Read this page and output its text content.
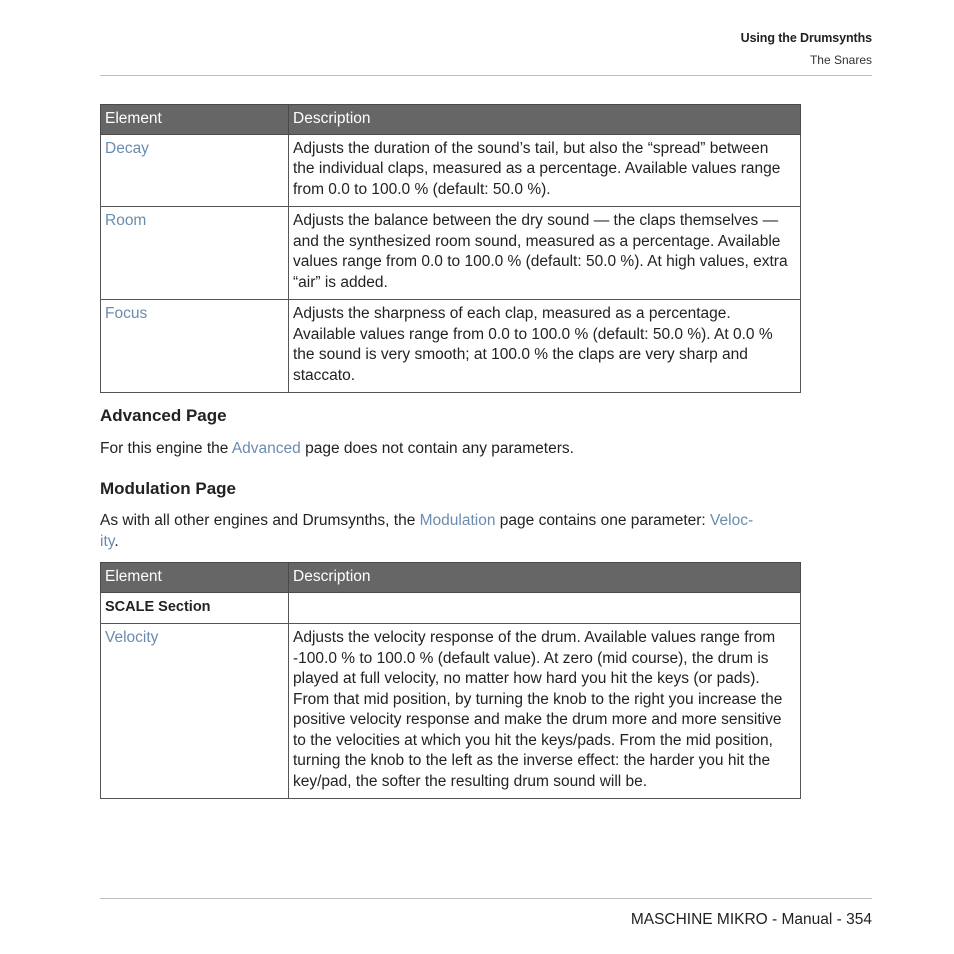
Using the Drumsynths
The Snares
Element	Description
Decay	Adjusts the duration of the sound’s tail, but also the “spread” between the individual claps, measured as a percentage. Available values range from 0.0 to 100.0 % (default: 50.0 %).
Room	Adjusts the balance between the dry sound — the claps themselves — and the synthesized room sound, measured as a percentage. Available values range from 0.0 to 100.0 % (default: 50.0 %). At high values, extra “air” is added.
Focus	Adjusts the sharpness of each clap, measured as a percentage. Available values range from 0.0 to 100.0 % (default: 50.0 %). At 0.0 % the sound is very smooth; at 100.0 % the claps are very sharp and staccato.
Advanced Page

For this engine the Advanced page does not contain any parameters.

Modulation Page

As with all other engines and Drumsynths, the Modulation page contains one parameter: Veloc-
ity.

Element	Description
SCALE Section	
Velocity	Adjusts the velocity response of the drum. Available values range from -100.0 % to 100.0 % (default value). At zero (mid course), the drum is played at full velocity, no matter how hard you hit the keys (or pads). From that mid position, by turning the knob to the right you increase the positive velocity response and make the drum more and more sensitive to the velocities at which you hit the keys/pads. From the mid position, turning the knob to the left as the inverse effect: the harder you hit the key/pad, the softer the resulting drum sound will be.
MASCHINE MIKRO - Manual - 354
